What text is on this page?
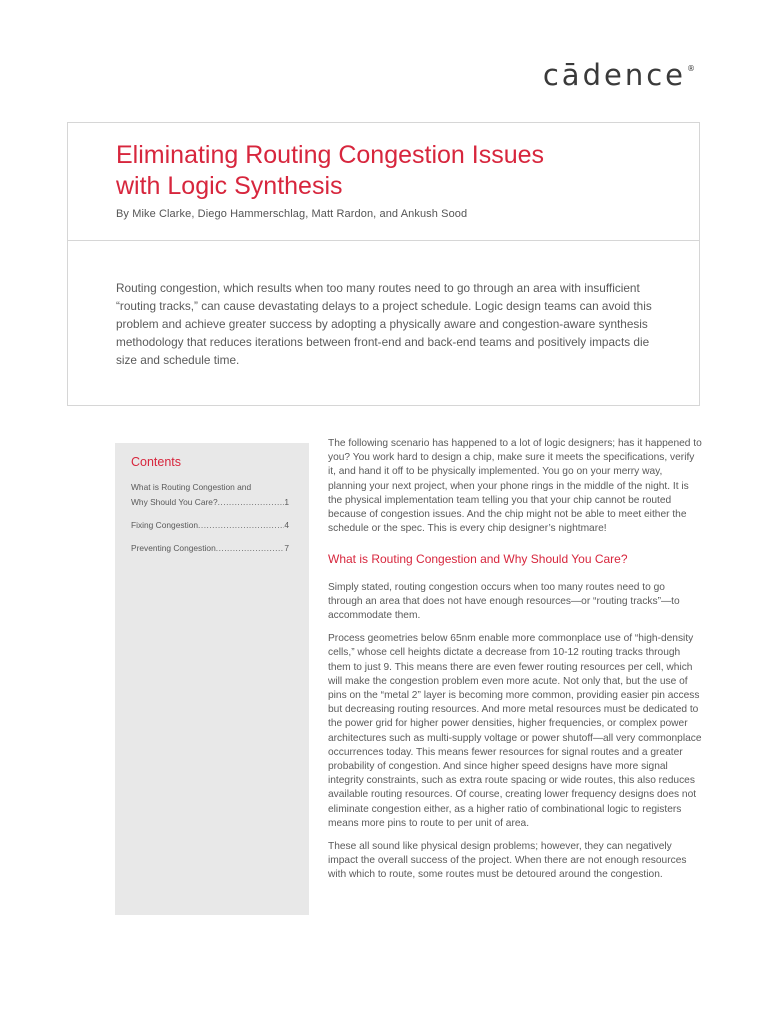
cādence®
Eliminating Routing Congestion Issues
with Logic Synthesis
By Mike Clarke, Diego Hammerschlag, Matt Rardon, and Ankush Sood

Routing congestion, which results when too many routes need to go through an area with insufficient “routing tracks,” can cause devastating delays to a project schedule. Logic design teams can avoid this problem and achieve greater success by adopting a physically aware and congestion-aware synthesis methodology that reduces iterations between front-end and back-end teams and positively impacts die size and schedule time.

Contents
What is Routing Congestion and
Why Should You Care? .....	1
Fixing Congestion .....	4
Preventing Congestion .....	7

The following scenario has happened to a lot of logic designers; has it happened to you? You work hard to design a chip, make sure it meets the specifications, verify it, and hand it off to be physically implemented. You go on your merry way, planning your next project, when your phone rings in the middle of the night. It is the physical implementation team telling you that your chip cannot be routed because of congestion issues. And the chip might not be able to meet either the schedule or the spec. This is every chip designer’s nightmare!

What is Routing Congestion and Why Should You Care?

Simply stated, routing congestion occurs when too many routes need to go through an area that does not have enough resources—or “routing tracks”—to accommodate them.

Process geometries below 65nm enable more commonplace use of “high-density cells,” whose cell heights dictate a decrease from 10-12 routing tracks through them to just 9. This means there are even fewer routing resources per cell, which will make the congestion problem even more acute. Not only that, but the use of pins on the “metal 2” layer is becoming more common, providing easier pin access but decreasing routing resources. And more metal resources must be dedicated to the power grid for higher power densities, higher frequencies, or complex power architectures such as multi-supply voltage or power shutoff—all very commonplace occurrences today. This means fewer resources for signal routes and a greater probability of congestion. And since higher speed designs have more signal integrity constraints, such as extra route spacing or wide routes, this also reduces available routing resources. Of course, creating lower frequency designs does not eliminate congestion either, as a higher ratio of combinational logic to registers means more pins to route to per unit of area.

These all sound like physical design problems; however, they can negatively impact the overall success of the project. When there are not enough resources with which to route, some routes must be detoured around the congestion.
